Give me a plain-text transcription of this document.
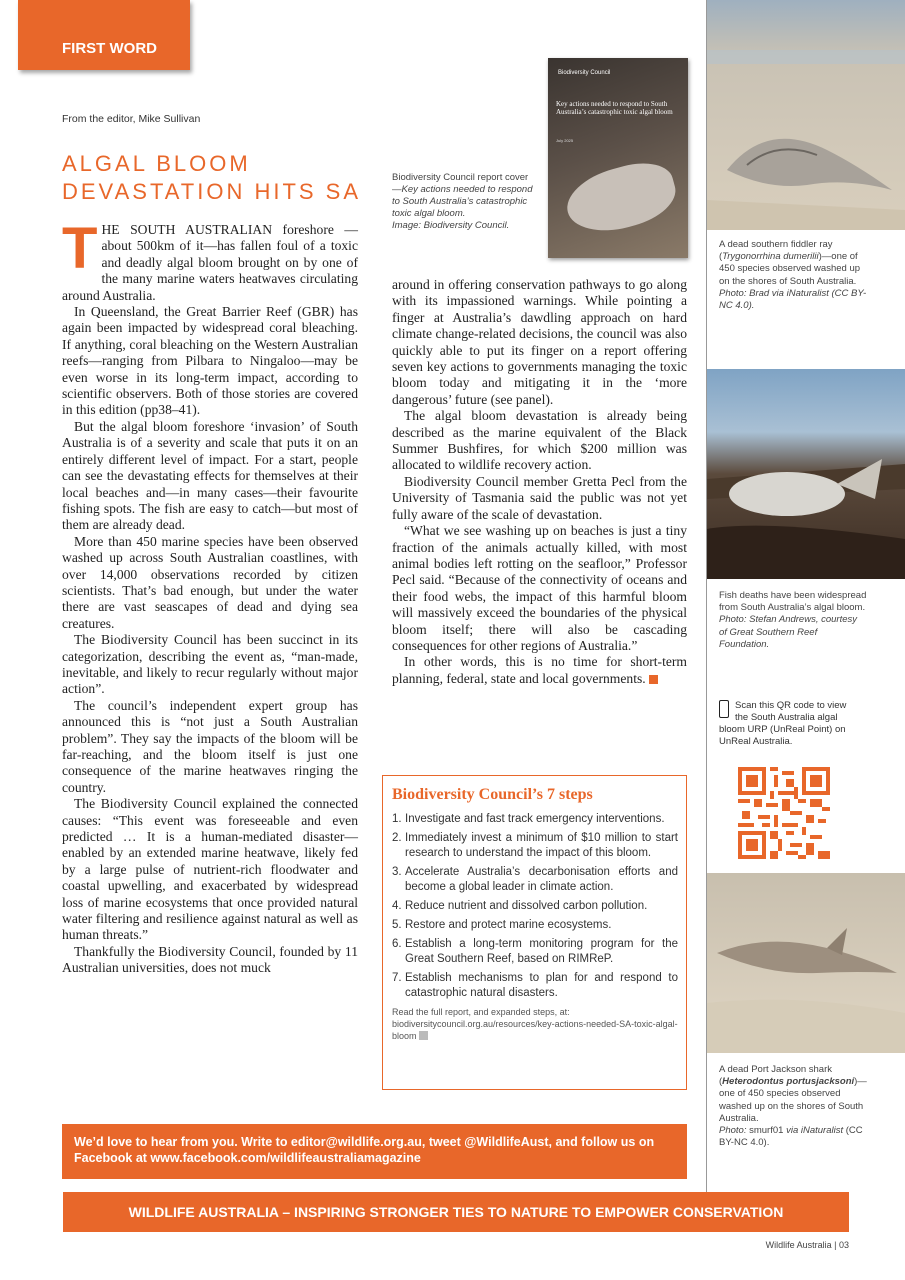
FIRST WORD
From the editor, Mike Sullivan
ALGAL BLOOM
DEVASTATION HITS SA

THE SOUTH AUSTRALIAN foreshore —about 500km of it—has fallen foul of a toxic and deadly algal bloom brought on by one of the many marine waters heatwaves circulating around Australia.

In Queensland, the Great Barrier Reef (GBR) has again been impacted by widespread coral bleaching. If anything, coral bleaching on the Western Australian reefs—ranging from Pilbara to Ningaloo—may be even worse in its long-term impact, according to scientific observers. Both of those stories are covered in this edition (pp38–41).

But the algal bloom foreshore ‘invasion’ of South Australia is of a severity and scale that puts it on an entirely different level of impact. For a start, people can see the devastating effects for themselves at their local beaches and—in many cases—their favourite fishing spots. The fish are easy to catch—but most of them are already dead.

More than 450 marine species have been observed washed up across South Australian coastlines, with over 14,000 observations recorded by citizen scientists. That’s bad enough, but under the water there are vast seascapes of dead and dying sea creatures.

The Biodiversity Council has been succinct in its categorization, describing the event as, “man-made, inevitable, and likely to recur regularly without major action”.

The council’s independent expert group has announced this is “not just a South Australian problem”. They say the impacts of the bloom will be far-reaching, and the bloom itself is just one consequence of the marine heatwaves ringing the country.

The Biodiversity Council explained the connected causes: “This event was foreseeable and even predicted … It is a human-mediated disaster—enabled by an extended marine heatwave, likely fed by a large pulse of nutrient-rich floodwater and coastal upwelling, and exacerbated by widespread loss of marine ecosystems that once provided natural water filtering and resilience against natural as well as human threats.”

Thankfully the Biodiversity Council, founded by 11 Australian universities, does not muck

Biodiversity Council
Key actions needed to respond to South Australia’s catastrophic toxic algal bloom
July 2025
Biodiversity Council report cover—Key actions needed to respond to South Australia’s catastrophic toxic algal bloom.
Image: Biodiversity Council.

around in offering conservation pathways to go along with its impassioned warnings. While pointing a finger at Australia’s dawdling approach on hard climate change-related decisions, the council was also quickly able to put its finger on a report offering seven key actions to governments managing the toxic bloom today and mitigating it in the ‘more dangerous’ future (see panel).

The algal bloom devastation is already being described as the marine equivalent of the Black Summer Bushfires, for which $200 million was allocated to wildlife recovery action.

Biodiversity Council member Gretta Pecl from the University of Tasmania said the public was not yet fully aware of the scale of devastation.

“What we see washing up on beaches is just a tiny fraction of the animals actually killed, with most animal bodies left rotting on the seafloor,” Professor Pecl said. “Because of the connectivity of oceans and their food webs, the impact of this harmful bloom will massively exceed the boundaries of the physical bloom itself; there will also be cascading consequences for other regions of Australia.”

In other words, this is no time for short-term planning, federal, state and local governments.

Biodiversity Council’s 7 steps
1. Investigate and fast track emergency interventions.
2. Immediately invest a minimum of $10 million to start research to understand the impact of this bloom.
3. Accelerate Australia’s decarbonisation efforts and become a global leader in climate action.
4. Reduce nutrient and dissolved carbon pollution.
5. Restore and protect marine ecosystems.
6. Establish a long-term monitoring program for the Great Southern Reef, based on RIMReP.
7. Establish mechanisms to plan for and respond to catastrophic natural disasters.
Read the full report, and expanded steps, at: biodiversitycouncil.org.au/resources/key-actions-needed-SA-toxic-algal-bloom
A dead southern fiddler ray (Trygonorrhina dumerilii)—one of 450 species observed washed up on the shores of South Australia.
Photo: Brad via iNaturalist (CC BY-NC 4.0).
Fish deaths have been widespread from South Australia’s algal bloom.
Photo: Stefan Andrews, courtesy of Great Southern Reef Foundation.
Scan this QR code to view the South Australia algal bloom URP (UnReal Point) on UnReal Australia.
A dead Port Jackson shark (Heterodontus portusjacksoni)—one of 450 species observed washed up on the shores of South Australia.
Photo: smurf01 via iNaturalist (CC BY-NC 4.0).
We’d love to hear from you. Write to editor@wildlife.org.au, tweet @WildlifeAust, and follow us on Facebook at www.facebook.com/wildlifeaustraliamagazine
WILDLIFE AUSTRALIA – INSPIRING STRONGER TIES TO NATURE TO EMPOWER CONSERVATION
Wildlife Australia | 03
